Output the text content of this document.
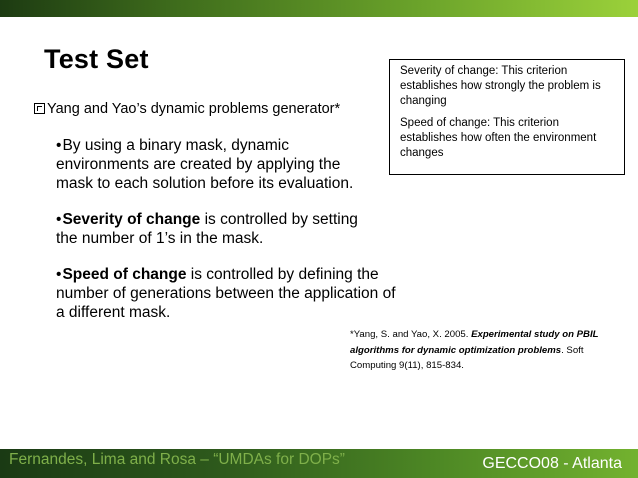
Test Set
Yang and Yao’s dynamic problems generator*
•By using a binary mask, dynamic environments are created by applying the mask to each solution before its evaluation.
•Severity of change is controlled by setting the number of 1’s in the mask.
•Speed of change is controlled by defining the number of generations between the application of a different mask.

Severity of change: This criterion establishes how strongly the problem is changing

Speed of change: This criterion establishes how often the environment changes

*Yang, S. and Yao, X. 2005. Experimental study on PBIL algorithms for dynamic optimization problems. Soft Computing 9(11), 815-834.
Fernandes, Lima and Rosa – “UMDAs for DOPs”	GECCO08 - Atlanta
